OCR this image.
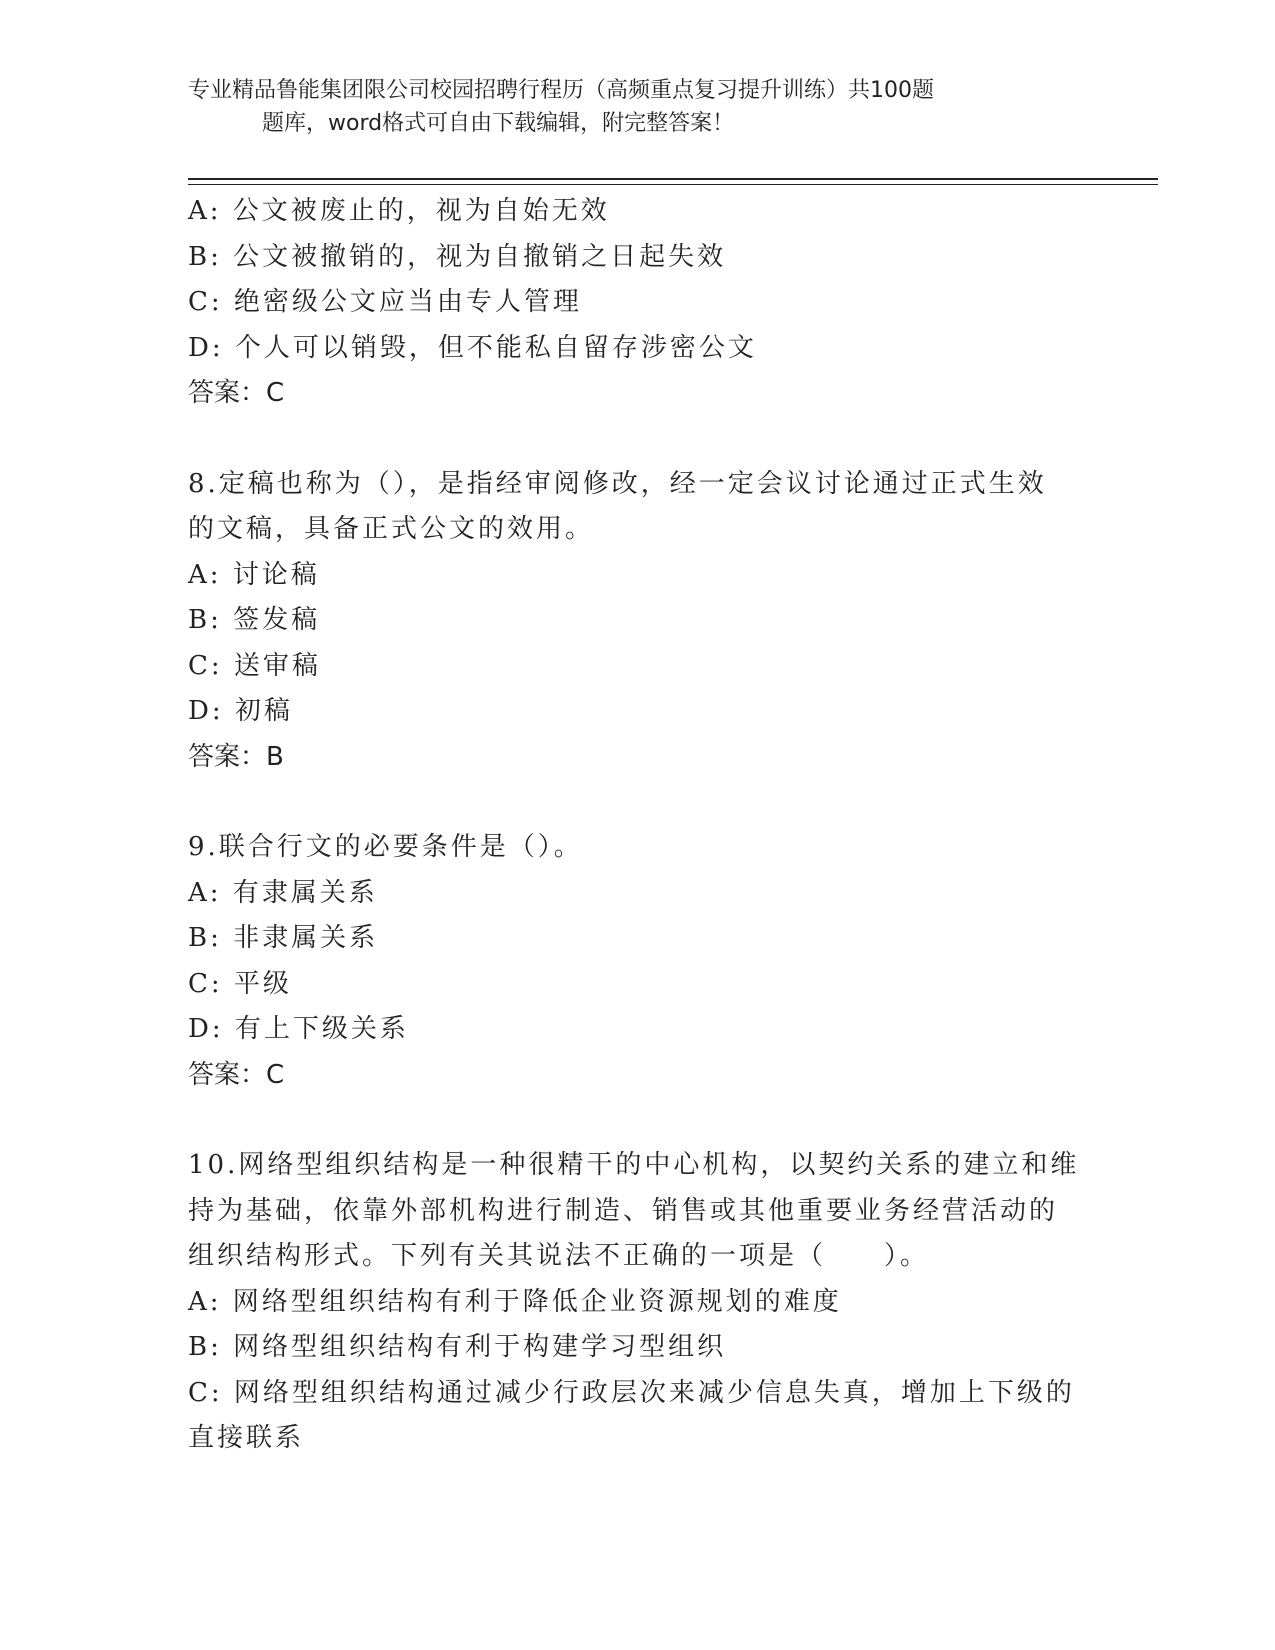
专业精品鲁能集团限公司校园招聘行程历（高频重点复习提升训练）共100题
题库，word格式可自由下载编辑，附完整答案！
A: 公文被废止的，视为自始无效
B: 公文被撤销的，视为自撤销之日起失效
C: 绝密级公文应当由专人管理
D: 个人可以销毁，但不能私自留存涉密公文
答案：C
8.定稿也称为（），是指经审阅修改，经一定会议讨论通过正式生效
的文稿，具备正式公文的效用。
A: 讨论稿
B: 签发稿
C: 送审稿
D: 初稿
答案：B
9.联合行文的必要条件是（）。
A: 有隶属关系
B: 非隶属关系
C: 平级
D: 有上下级关系
答案：C
10.网络型组织结构是一种很精干的中心机构，以契约关系的建立和维
持为基础，依靠外部机构进行制造、销售或其他重要业务经营活动的
组织结构形式。下列有关其说法不正确的一项是（　　）。
A: 网络型组织结构有利于降低企业资源规划的难度
B: 网络型组织结构有利于构建学习型组织
C: 网络型组织结构通过减少行政层次来减少信息失真，增加上下级的
直接联系
